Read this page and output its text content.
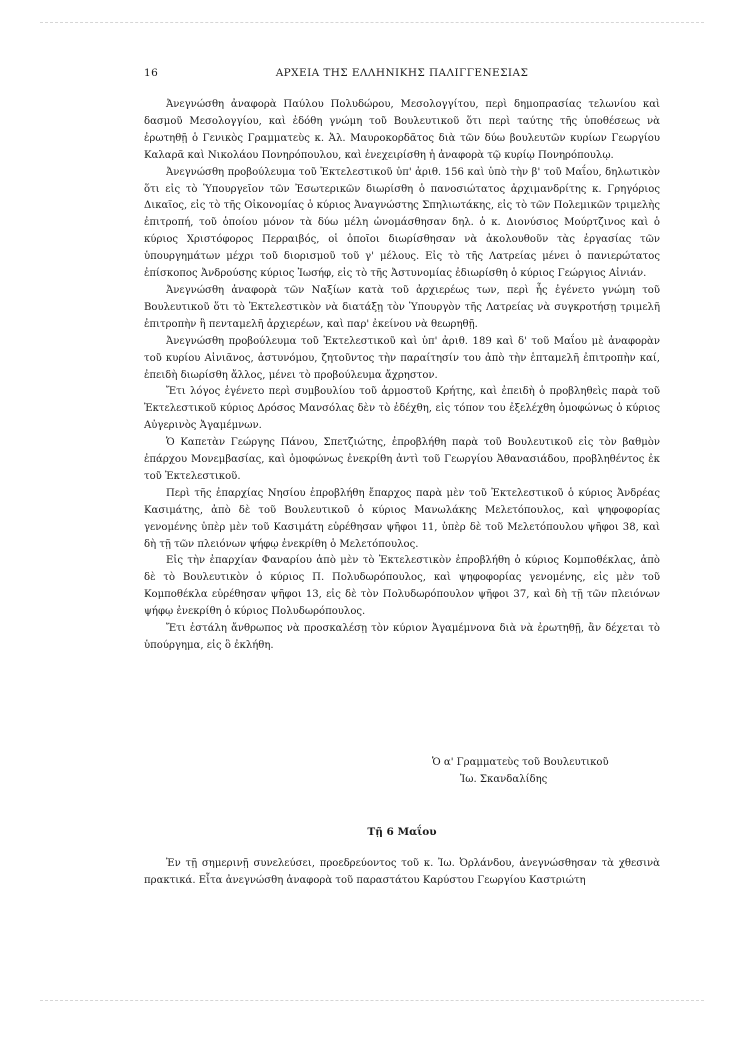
16	ΑΡΧΕΙΑ ΤΗΣ ΕΛΛΗΝΙΚΗΣ ΠΑΛΙΓΓΕΝΕΣΙΑΣ

Ἀνεγνώσθη ἀναφορὰ Παύλου Πολυδώρου, Μεσολογγίτου, περὶ δημοπρασίας τελωνίου καὶ δασμοῦ Μεσολογγίου, καὶ ἐδόθη γνώμη τοῦ Βουλευτικοῦ ὅτι περὶ ταύτης τῆς ὑποθέσεως νὰ ἐρωτηθῇ ὁ Γενικὸς Γραμματεὺς κ. Ἀλ. Μαυροκορδᾶτος διὰ τῶν δύω βουλευτῶν κυρίων Γεωργίου Καλαρᾶ καὶ Νικολάου Πονηρόπουλου, καὶ ἐνεχειρίσθη ἡ ἀναφορὰ τῷ κυρίῳ Πονηρόπουλῳ.

Ἀνεγνώσθη προβούλευμα τοῦ Ἐκτελεστικοῦ ὑπ' ἀριθ. 156 καὶ ὑπὸ τὴν β' τοῦ Μαΐου, δηλωτικὸν ὅτι εἰς τὸ Ὑπουργεῖον τῶν Ἐσωτερικῶν διωρίσθη ὁ πανοσιώτατος ἀρχιμανδρίτης κ. Γρηγόριος Δικαῖος, εἰς τὸ τῆς Οἰκονομίας ὁ κύριος Ἀναγνώστης Σπηλιωτάκης, εἰς τὸ τῶν Πολεμικῶν τριμελὴς ἐπιτροπή, τοῦ ὁποίου μόνον τὰ δύω μέλη ὠνομάσθησαν δηλ. ὁ κ. Διονύσιος Μούρτζινος καὶ ὁ κύριος Χριστόφορος Περραιβός, οἱ ὁποῖοι διωρίσθησαν νὰ ἀκολουθοῦν τὰς ἐργασίας τῶν ὑπουργημάτων μέχρι τοῦ διορισμοῦ τοῦ γ' μέλους. Εἰς τὸ τῆς Λατρείας μένει ὁ πανιερώτατος ἐπίσκοπος Ἀνδρούσης κύριος Ἰωσήφ, εἰς τὸ τῆς Ἀστυνομίας ἐδιωρίσθη ὁ κύριος Γεώργιος Αἰνιάν.

Ἀνεγνώσθη ἀναφορὰ τῶν Ναξίων κατὰ τοῦ ἀρχιερέως των, περὶ ἧς ἐγένετο γνώμη τοῦ Βουλευτικοῦ ὅτι τὸ Ἐκτελεστικὸν νὰ διατάξῃ τὸν Ὑπουργὸν τῆς Λατρείας νὰ συγκροτήσῃ τριμελῆ ἐπιτροπὴν ἢ πενταμελῆ ἀρχιερέων, καὶ παρ' ἐκείνου νὰ θεωρηθῇ.

Ἀνεγνώσθη προβούλευμα τοῦ Ἐκτελεστικοῦ καὶ ὑπ' ἀριθ. 189 καὶ δ' τοῦ Μαΐου μὲ ἀναφορὰν τοῦ κυρίου Αἰνιᾶνος, ἀστυνόμου, ζητοῦντος τὴν παραίτησίν του ἀπὸ τὴν ἑπταμελῆ ἐπιτροπὴν καί, ἐπειδὴ διωρίσθη ἄλλος, μένει τὸ προβούλευμα ἄχρηστον.

Ἔτι λόγος ἐγένετο περὶ συμβουλίου τοῦ ἁρμοστοῦ Κρήτης, καὶ ἐπειδὴ ὁ προβληθεὶς παρὰ τοῦ Ἐκτελεστικοῦ κύριος Δρόσος Μανσόλας δὲν τὸ ἐδέχθη, εἰς τόπον του ἐξελέχθη ὁμοφώνως ὁ κύριος Αὐγερινὸς Ἀγαμέμνων.

Ὁ Καπετὰν Γεώργης Πάνου, Σπετζιώτης, ἐπροβλήθη παρὰ τοῦ Βουλευτικοῦ εἰς τὸν βαθμὸν ἐπάρχου Μονεμβασίας, καὶ ὁμοφώνως ἐνεκρίθη ἀντὶ τοῦ Γεωργίου Ἀθανασιάδου, προβληθέντος ἐκ τοῦ Ἐκτελεστικοῦ.

Περὶ τῆς ἐπαρχίας Νησίου ἐπροβλήθη ἔπαρχος παρὰ μὲν τοῦ Ἐκτελεστικοῦ ὁ κύριος Ἀνδρέας Κασιμάτης, ἀπὸ δὲ τοῦ Βουλευτικοῦ ὁ κύριος Μανωλάκης Μελετόπουλος, καὶ ψηφοφορίας γενομένης ὑπὲρ μὲν τοῦ Κασιμάτη εὑρέθησαν ψῆφοι 11, ὑπὲρ δὲ τοῦ Μελετόπουλου ψῆφοι 38, καὶ δὴ τῇ τῶν πλειόνων ψήφῳ ἐνεκρίθη ὁ Μελετόπουλος.

Εἰς τὴν ἐπαρχίαν Φαναρίου ἀπὸ μὲν τὸ Ἐκτελεστικὸν ἐπροβλήθη ὁ κύριος Κομποθέκλας, ἀπὸ δὲ τὸ Βουλευτικὸν ὁ κύριος Π. Πολυδωρόπουλος, καὶ ψηφοφορίας γενομένης, εἰς μὲν τοῦ Κομποθέκλα εὑρέθησαν ψῆφοι 13, εἰς δὲ τὸν Πολυδωρόπουλον ψῆφοι 37, καὶ δὴ τῇ τῶν πλειόνων ψήφῳ ἐνεκρίθη ὁ κύριος Πολυδωρόπουλος.

Ἔτι ἐστάλη ἄνθρωπος νὰ προσκαλέσῃ τὸν κύριον Ἀγαμέμνονα διὰ νὰ ἐρωτηθῇ, ἂν δέχεται τὸ ὑπούργημα, εἰς ὃ ἐκλήθη.

Ὁ α' Γραμματεὺς τοῦ Βουλευτικοῦ
Ἰω. Σκανδαλίδης
Τῇ 6 Μαΐου

Ἐν τῇ σημερινῇ συνελεύσει, προεδρεύοντος τοῦ κ. Ἰω. Ὀρλάνδου, ἀνεγνώσθησαν τὰ χθεσινὰ πρακτικά. Εἶτα ἀνεγνώσθη ἀναφορὰ τοῦ παραστάτου Καρύστου Γεωργίου Καστριώτη
